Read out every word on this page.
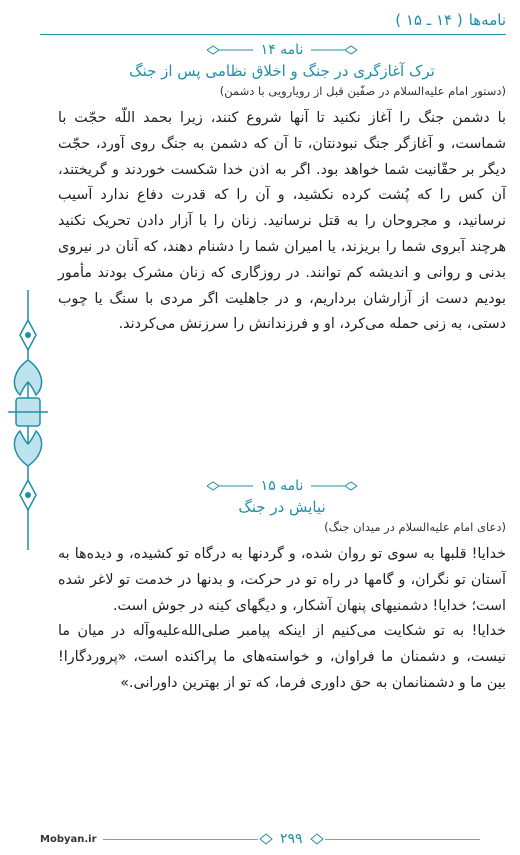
نامه‌ها
( ۱۴ ـ ۱۵ )
نامه ۱۴
ترک آغازگری در جنگ و اخلاق نظامی پس از جنگ
(دستور امام عليه‌السلام در صفّين قبل از رويارويی با دشمن)
با دشمن جنگ را آغاز نكنيد تا آنها شروع كنند، زيرا بحمد اللّه حجّت با شماست، و آغازگر جنگ نبودنتان، تا آن كه دشمن به جنگ روی آورد، حجّت ديگر بر حقّانيت شما خواهد بود. اگر به اذن خدا شكست خوردند و گريختند، آن كس را كه پُشت كرده نكشيد، و آن را كه قدرت دفاع ندارد آسيب نرسانيد، و مجروحان را به قتل نرسانيد. زنان را با آزار دادن تحريک نكنيد هرچند آبروی شما را بريزند، يا اميران شما را دشنام دهند، كه آنان در نيروی بدنی و روانی و انديشه كم توانند. در روزگاری كه زنان مشرک بودند مأمور بوديم دست از آزارشان برداريم، و در جاهليت اگر مردی با سنگ يا چوب دستی، به زنی حمله می‌كرد، او و فرزندانش را سرزنش می‌كردند.
نامه ۱۵
نيايش در جنگ
(دعای امام عليه‌السلام در ميدان جنگ)
خدايا! قلبها به سوی تو روان شده، و گردنها به درگاه تو كشيده، و ديده‌ها به آستان تو نگران، و گامها در راه تو در حركت، و بدنها در خدمت تو لاغر شده است؛ خدايا! دشمنيهای پنهان آشكار، و ديگهای كينه در جوش است.
خدايا! به تو شكايت می‌كنيم از اينكه پيامبر صلی‌الله‌عليه‌وآله در ميان ما نيست، و دشمنان ما فراوان، و خواسته‌های ما پراكنده است، «پروردگارا! بين ما و دشمنانمان به حق داوری فرما، كه تو از بهترين داورانی.»
Mobyan.ir	۲۹۹
